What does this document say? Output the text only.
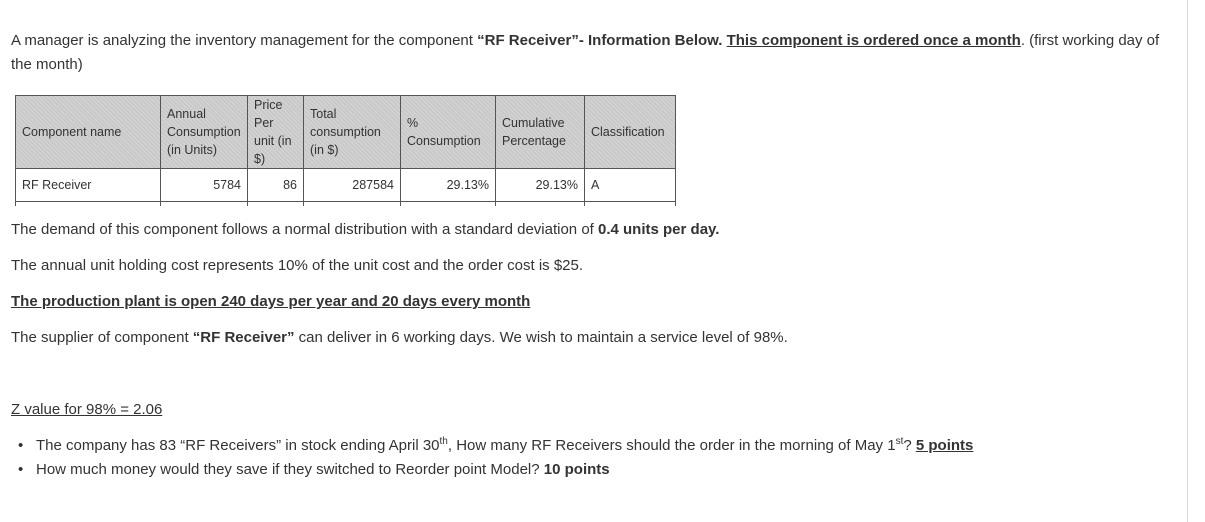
A manager is analyzing the inventory management for the component “RF Receiver”- Information Below. This component is ordered once a month. (first working day of the month)
Component name	Annual Consumption (in Units)	Price Per unit (in $)	Total consumption (in $)	% Consumption	Cumulative Percentage	Classification
RF Receiver	5784	86	287584	29.13%	29.13%	A

The demand of this component follows a normal distribution with a standard deviation of 0.4 units per day.
The annual unit holding cost represents 10% of the unit cost and the order cost is $25.
The production plant is open 240 days per year and 20 days every month
The supplier of component “RF Receiver” can deliver in 6 working days. We wish to maintain a service level of 98%.
Z value for 98% = 2.06
• The company has 83 “RF Receivers” in stock ending April 30th, How many RF Receivers should the order in the morning of May 1st? 5 points
• How much money would they save if they switched to Reorder point Model? 10 points
